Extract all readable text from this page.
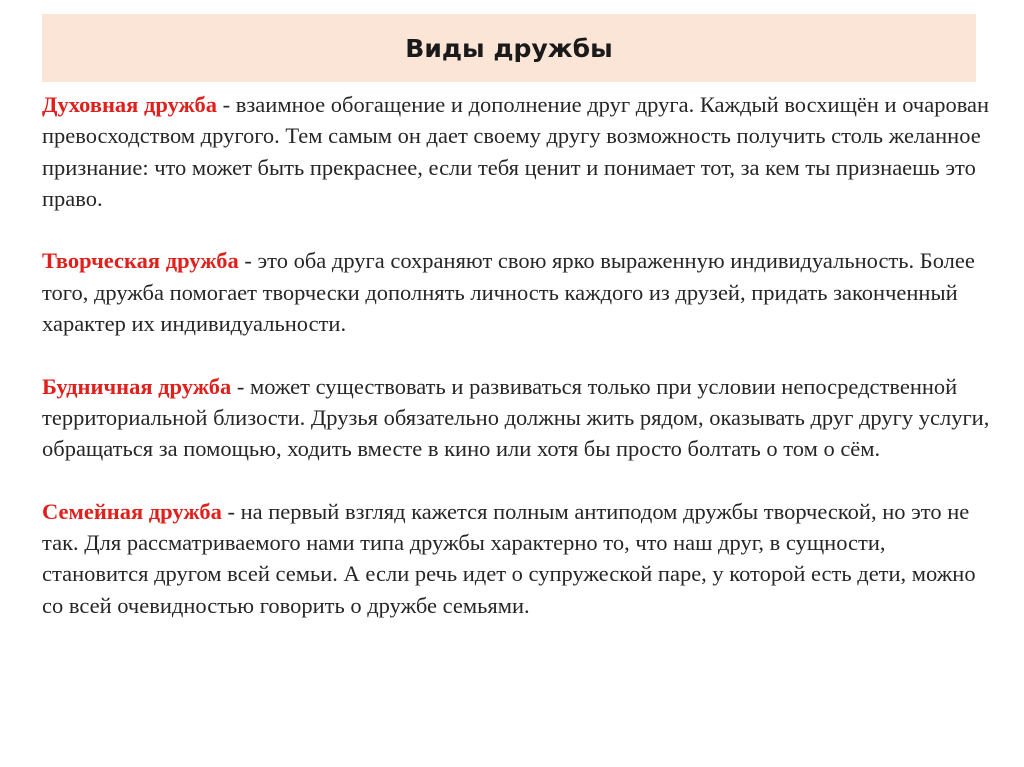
Виды дружбы

Духовная дружба - взаимное обогащение и дополнение друг друга. Каждый восхищён и очарован превосходством другого. Тем самым он дает своему другу возможность получить столь желанное признание: что может быть прекраснее, если тебя ценит и понимает тот, за кем ты признаешь это право.

Творческая дружба - это оба друга сохраняют свою ярко выраженную индивидуальность. Более того, дружба помогает творчески дополнять личность каждого из друзей, придать законченный характер их индивидуальности.

Будничная дружба - может существовать и развиваться только при условии непосредственной территориальной близости. Друзья обязательно должны жить рядом, оказывать друг другу услуги, обращаться за помощью, ходить вместе в кино или хотя бы просто болтать о том о сём.

Семейная дружба - на первый взгляд кажется полным антиподом дружбы творческой, но это не так. Для рассматриваемого нами типа дружбы характерно то, что наш друг, в сущности, становится другом всей семьи. А если речь идет о супружеской паре, у которой есть дети, можно со всей очевидностью говорить о дружбе семьями.
